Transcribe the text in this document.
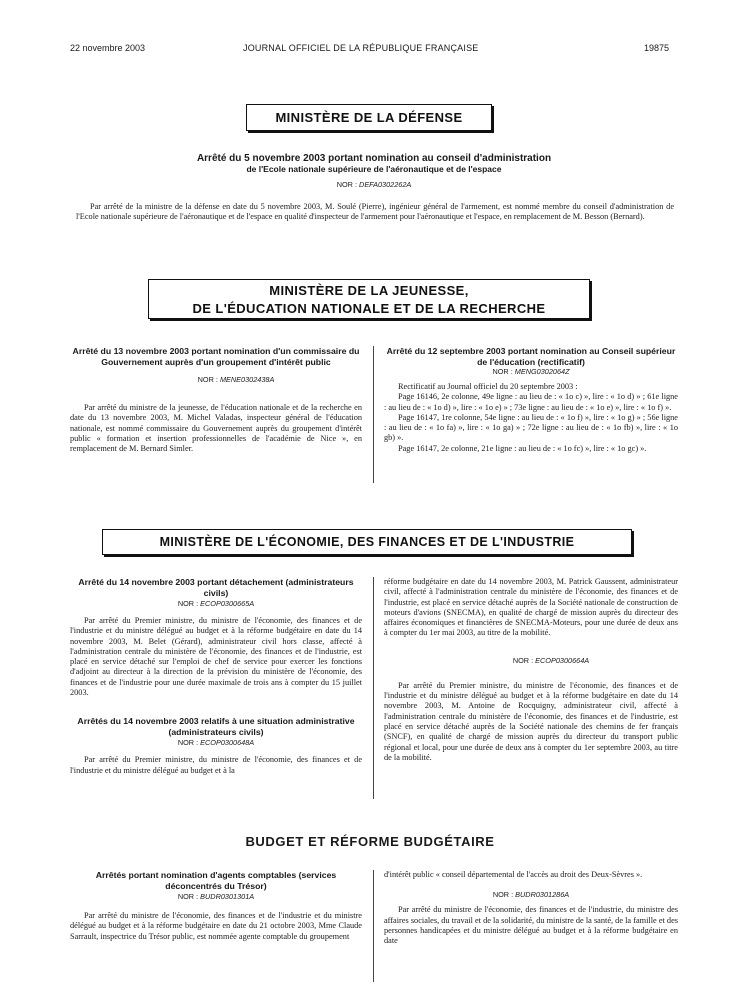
22 novembre 2003	JOURNAL OFFICIEL DE LA RÉPUBLIQUE FRANÇAISE	19875
MINISTÈRE DE LA DÉFENSE

Arrêté du 5 novembre 2003 portant nomination au conseil d'administration

de l'Ecole nationale supérieure de l'aéronautique et de l'espace

NOR : DEFA0302262A

Par arrêté de la ministre de la défense en date du 5 novembre 2003, M. Soulé (Pierre), ingénieur général de l'armement, est nommé membre du conseil d'administration de l'Ecole nationale supérieure de l'aéronautique et de l'espace en qualité d'inspecteur de l'armement pour l'aéronautique et l'espace, en remplacement de M. Besson (Bernard).

MINISTÈRE DE LA JEUNESSE,
DE L'ÉDUCATION NATIONALE ET DE LA RECHERCHE

Arrêté du 13 novembre 2003 portant nomination d'un commissaire du Gouvernement auprès d'un groupement d'intérêt public

NOR : MENE0302438A

Par arrêté du ministre de la jeunesse, de l'éducation nationale et de la recherche en date du 13 novembre 2003, M. Michel Valadas, inspecteur général de l'éducation nationale, est nommé commissaire du Gouvernement auprès du groupement d'intérêt public « formation et insertion professionnelles de l'académie de Nice », en remplacement de M. Bernard Simler.

Arrêté du 12 septembre 2003 portant nomination au Conseil supérieur de l'éducation (rectificatif)

NOR : MENG0302064Z

Rectificatif au Journal officiel du 20 septembre 2003 :

Page 16146, 2e colonne, 49e ligne : au lieu de : « 1o c) », lire : « 1o d) » ; 61e ligne : au lieu de : « 1o d) », lire : « 1o e) » ; 73e ligne : au lieu de : « 1o e) », lire : « 1o f) ».

Page 16147, 1re colonne, 54e ligne : au lieu de : « 1o f) », lire : « 1o g) » ; 56e ligne : au lieu de : « 1o fa) », lire : « 1o ga) » ; 72e ligne : au lieu de : « 1o fb) », lire : « 1o gb) ».

Page 16147, 2e colonne, 21e ligne : au lieu de : « 1o fc) », lire : « 1o gc) ».

MINISTÈRE DE L'ÉCONOMIE, DES FINANCES ET DE L'INDUSTRIE

Arrêté du 14 novembre 2003 portant détachement (administrateurs civils)

NOR : ECOP0300665A

Par arrêté du Premier ministre, du ministre de l'économie, des finances et de l'industrie et du ministre délégué au budget et à la réforme budgétaire en date du 14 novembre 2003, M. Belet (Gérard), administrateur civil hors classe, affecté à l'administration centrale du ministère de l'économie, des finances et de l'industrie, est placé en service détaché sur l'emploi de chef de service pour exercer les fonctions d'adjoint au directeur à la direction de la prévision du ministère de l'économie, des finances et de l'industrie pour une durée maximale de trois ans à compter du 15 juillet 2003.

Arrêtés du 14 novembre 2003 relatifs à une situation administrative (administrateurs civils)

NOR : ECOP0300648A

Par arrêté du Premier ministre, du ministre de l'économie, des finances et de l'industrie et du ministre délégué au budget et à la

réforme budgétaire en date du 14 novembre 2003, M. Patrick Gaussent, administrateur civil, affecté à l'administration centrale du ministère de l'économie, des finances et de l'industrie, est placé en service détaché auprès de la Société nationale de construction de moteurs d'avions (SNECMA), en qualité de chargé de mission auprès du directeur des affaires économiques et financières de SNECMA-Moteurs, pour une durée de deux ans à compter du 1er mai 2003, au titre de la mobilité.

NOR : ECOP0300664A

Par arrêté du Premier ministre, du ministre de l'économie, des finances et de l'industrie et du ministre délégué au budget et à la réforme budgétaire en date du 14 novembre 2003, M. Antoine de Rocquigny, administrateur civil, affecté à l'administration centrale du ministère de l'économie, des finances et de l'industrie, est placé en service détaché auprès de la Société nationale des chemins de fer français (SNCF), en qualité de chargé de mission auprès du directeur du transport public régional et local, pour une durée de deux ans à compter du 1er septembre 2003, au titre de la mobilité.

BUDGET ET RÉFORME BUDGÉTAIRE

Arrêtés portant nomination d'agents comptables (services déconcentrés du Trésor)

NOR : BUDR0301301A

Par arrêté du ministre de l'économie, des finances et de l'industrie et du ministre délégué au budget et à la réforme budgétaire en date du 21 octobre 2003, Mme Claude Sarrault, inspectrice du Trésor public, est nommée agente comptable du groupement

d'intérêt public « conseil départemental de l'accès au droit des Deux-Sèvres ».

NOR : BUDR0301286A

Par arrêté du ministre de l'économie, des finances et de l'industrie, du ministre des affaires sociales, du travail et de la solidarité, du ministre de la santé, de la famille et des personnes handicapées et du ministre délégué au budget et à la réforme budgétaire en date
